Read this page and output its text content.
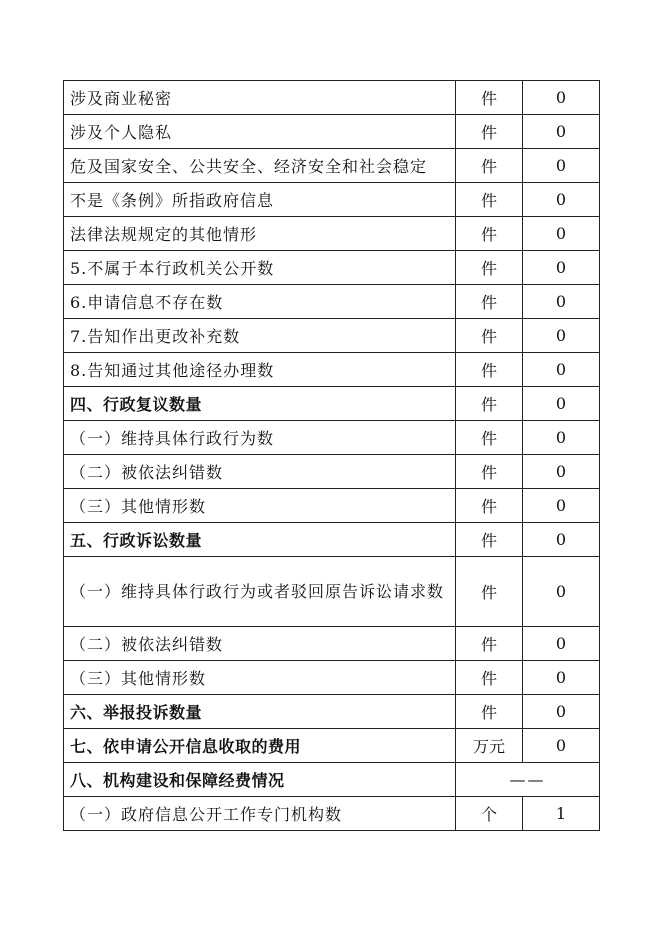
涉及商业秘密	件	0
涉及个人隐私	件	0
危及国家安全、公共安全、经济安全和社会稳定	件	0
不是《条例》所指政府信息	件	0
法律法规规定的其他情形	件	0
5.不属于本行政机关公开数	件	0
6.申请信息不存在数	件	0
7.告知作出更改补充数	件	0
8.告知通过其他途径办理数	件	0
四、行政复议数量	件	0
（一）维持具体行政行为数	件	0
（二）被依法纠错数	件	0
（三）其他情形数	件	0
五、行政诉讼数量	件	0
（一）维持具体行政行为或者驳回原告诉讼请求数	件	0
（二）被依法纠错数	件	0
（三）其他情形数	件	0
六、举报投诉数量	件	0
七、依申请公开信息收取的费用	万元	0
八、机构建设和保障经费情况	——	
（一）政府信息公开工作专门机构数	个	1
